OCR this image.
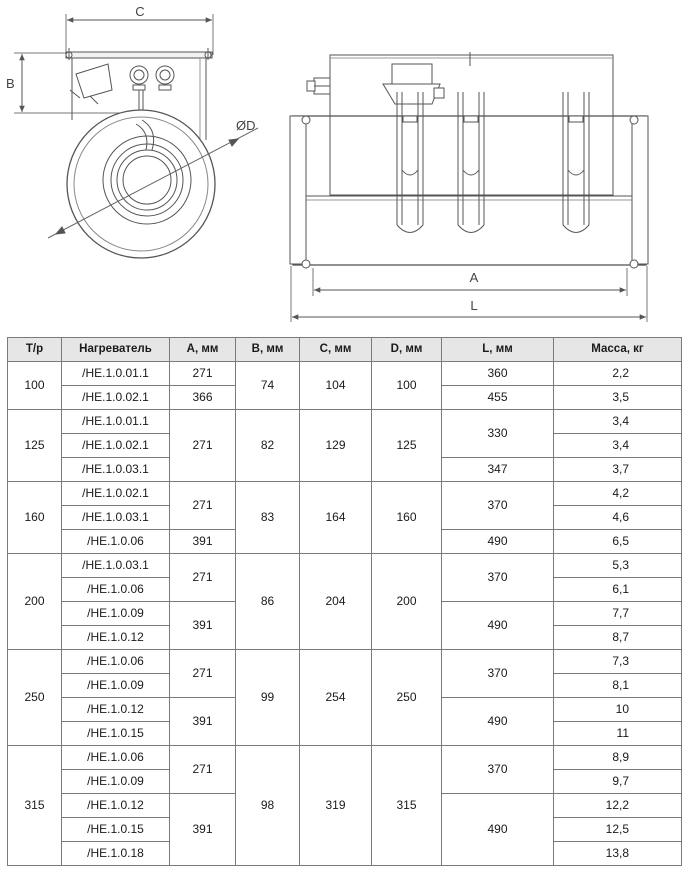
C
B
ØD
A
L
Т/р	Нагреватель	A, мм	B, мм	C, мм	D, мм	L, мм	Масса, кг
100	/HE.1.0.01.1	271	74	104	100	360	2,2
	/HE.1.0.02.1	366				455	3,5
125	/HE.1.0.01.1	271	82	129	125	330	3,4
	/HE.1.0.02.1						3,4
	/HE.1.0.03.1					347	3,7
160	/HE.1.0.02.1	271	83	164	160	370	4,2
	/HE.1.0.03.1						4,6
	/HE.1.0.06	391				490	6,5
200	/HE.1.0.03.1	271	86	204	200	370	5,3
	/HE.1.0.06						6,1
	/HE.1.0.09	391				490	7,7
	/HE.1.0.12						8,7
250	/HE.1.0.06	271	99	254	250	370	7,3
	/HE.1.0.09						8,1
	/HE.1.0.12	391				490	10
	/HE.1.0.15						11
315	/HE.1.0.06	271	98	319	315	370	8,9
	/HE.1.0.09						9,7
	/HE.1.0.12	391				490	12,2
	/HE.1.0.15						12,5
	/HE.1.0.18						13,8
